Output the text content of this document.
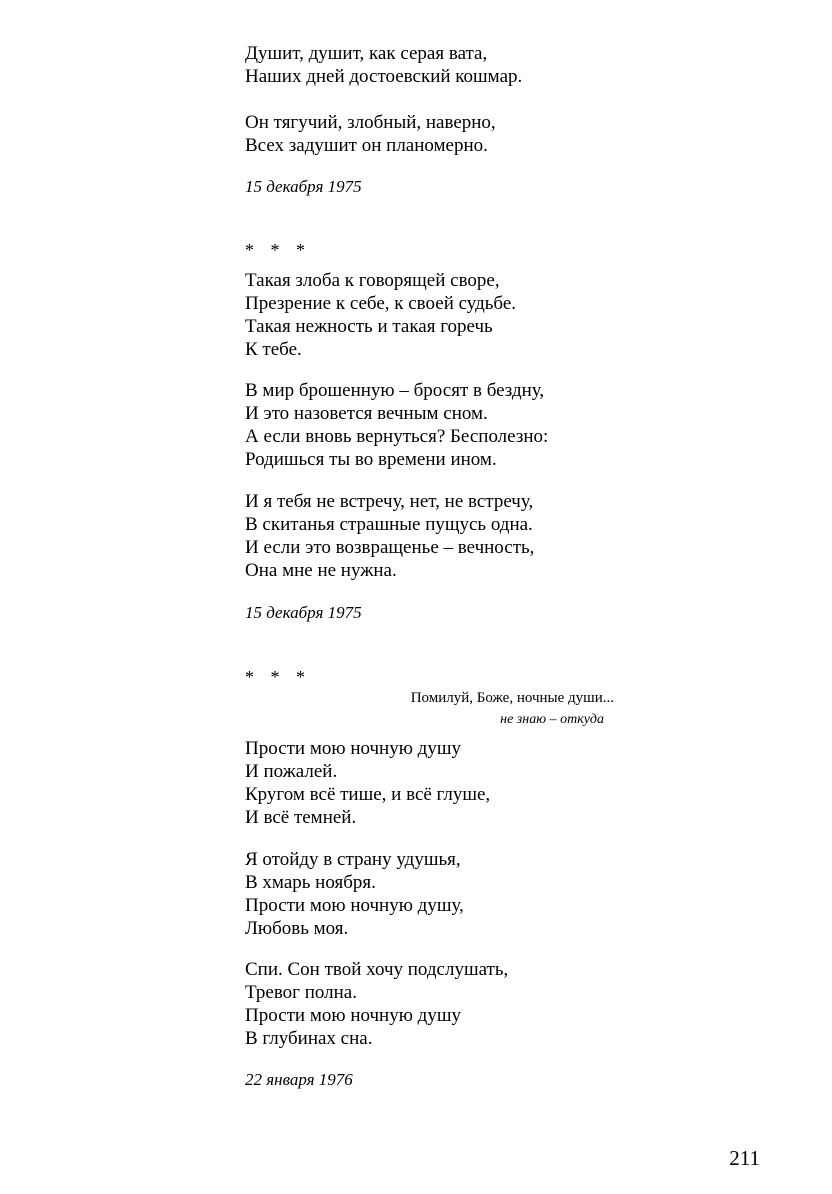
Душит, душит, как серая вата,
Наших дней достоевский кошмар.
Он тягучий, злобный, наверно,
Всех задушит он планомерно.
15 декабря 1975
* * *
Такая злоба к говорящей своре,
Презрение к себе, к своей судьбе.
Такая нежность и такая горечь
К тебе.
В мир брошенную – бросят в бездну,
И это назовется вечным сном.
А если вновь вернуться? Бесполезно:
Родишься ты во времени ином.
И я тебя не встречу, нет, не встречу,
В скитанья страшные пущусь одна.
И если это возвращенье – вечность,
Она мне не нужна.
15 декабря 1975
* * *
Помилуй, Боже, ночные души...
не знаю – откуда
Прости мою ночную душу
И пожалей.
Кругом всё тише, и всё глуше,
И всё темней.
Я отойду в страну удушья,
В хмарь ноября.
Прости мою ночную душу,
Любовь моя.
Спи. Сон твой хочу подслушать,
Тревог полна.
Прости мою ночную душу
В глубинах сна.
22 января 1976
211
